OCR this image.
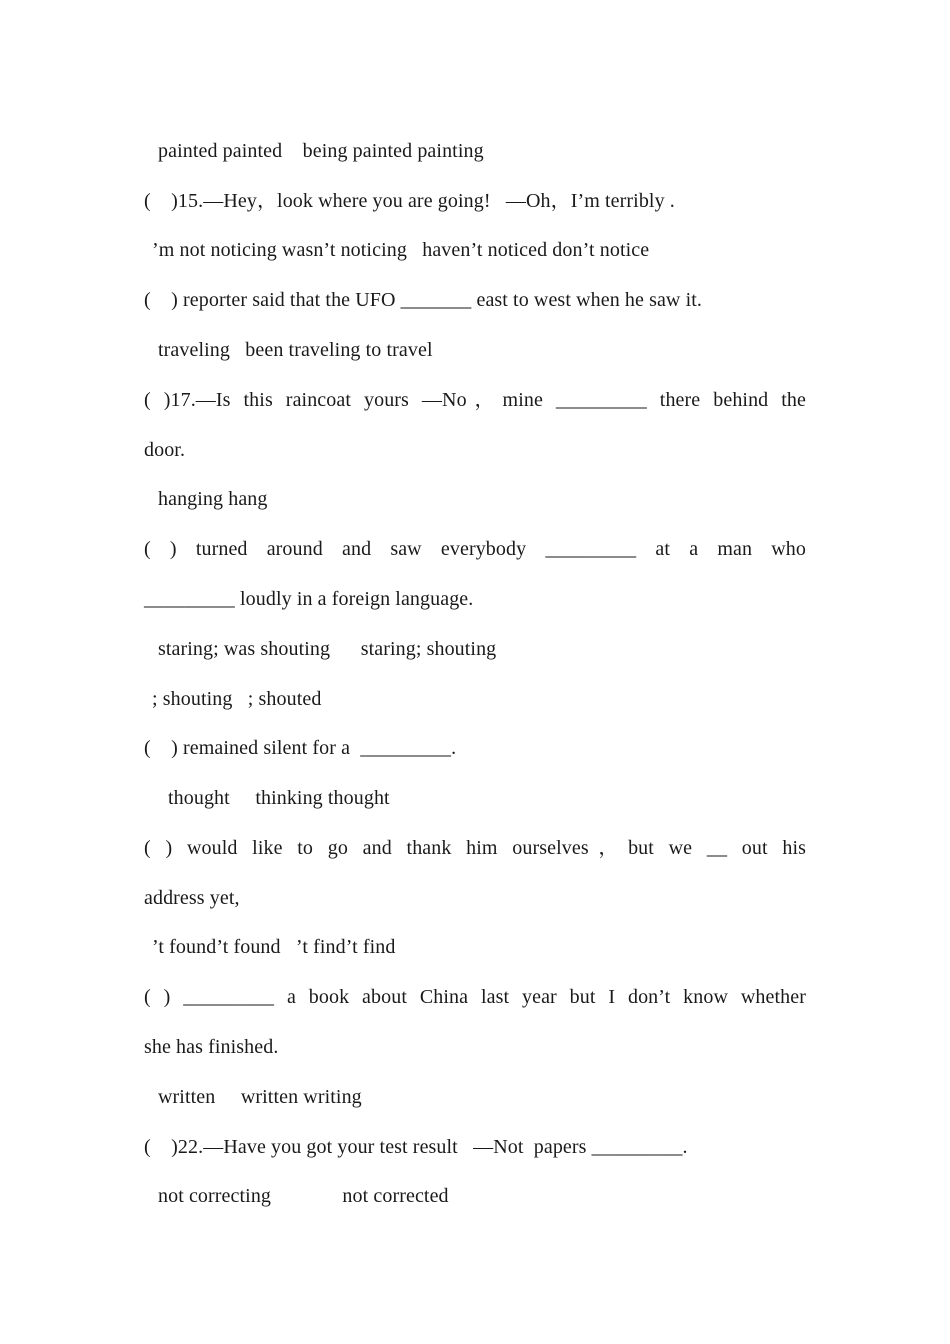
painted painted    being painted painting
(    )15.—Hey，look where you are going!   —Oh，I’m terribly .
’m not noticing wasn’t noticing   haven’t noticed don’t notice
(    ) reporter said that the UFO _______ east to west when he saw it.
traveling   been traveling to travel
( )17.—Is this raincoat yours —No，mine _________ there behind the
door.
hanging hang
( ) turned around and saw everybody _________ at a man who
_________ loudly in a foreign language.
staring; was shouting      staring; shouting
; shouting   ; shouted
(    ) remained silent for a  _________.
thought     thinking thought
( ) would like to go and thank him ourselves，but we __ out his
address yet,
’t found’t found   ’t find’t find
( ) _________ a book about China last year but I don’t know whether
she has finished.
written     written writing
(    )22.—Have you got your test result   —Not  papers _________.
not correcting              not corrected
